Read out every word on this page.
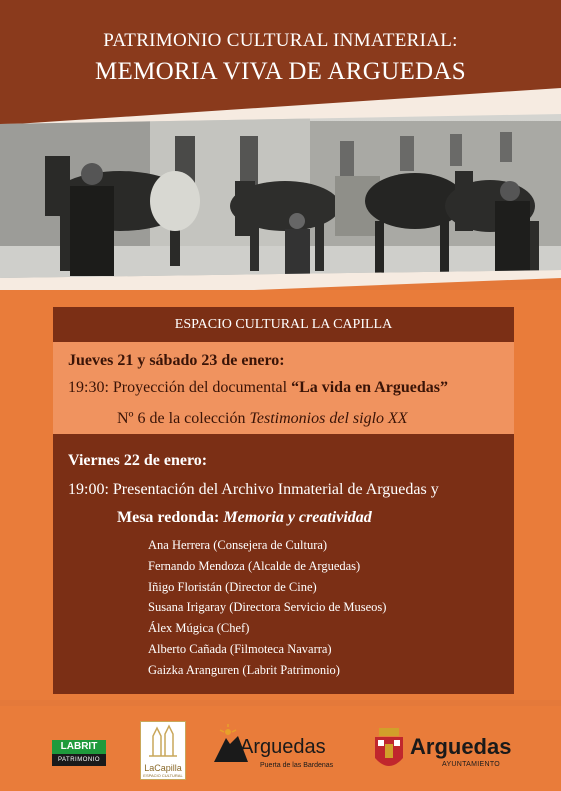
PATRIMONIO CULTURAL INMATERIAL:
MEMORIA VIVA DE ARGUEDAS
ESPACIO CULTURAL LA CAPILLA
Jueves 21 y sábado 23 de enero:
19:30: Proyección del documental “La vida en Arguedas”
Nº 6 de la colección Testimonios del siglo XX
Viernes 22 de enero:
19:00: Presentación del Archivo Inmaterial de Arguedas y
Mesa redonda: Memoria y creatividad
Ana Herrera (Consejera de Cultura)
Fernando Mendoza (Alcalde de Arguedas)
Iñigo Floristán (Director de Cine)
Susana Irigaray (Directora Servicio de Museos)
Álex Múgica (Chef)
Alberto Cañada (Filmoteca Navarra)
Gaizka Aranguren (Labrit Patrimonio)
LABRIT
PATRIMONIO
LaCapilla
ESPACIO CULTURAL
Arguedas
Puerta de las Bardenas
Arguedas
AYUNTAMIENTO
